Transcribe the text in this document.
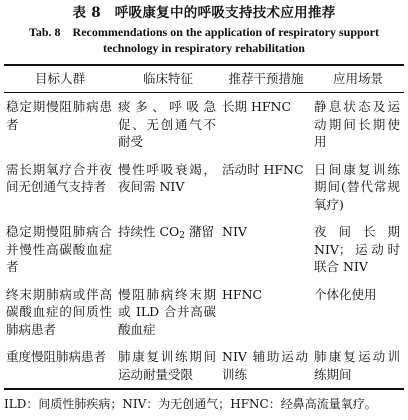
表 8　呼吸康复中的呼吸支持技术应用推荐
Tab. 8　Recommendations on the application of respiratory support technology in respiratory rehabilitation
目标人群	临床特征	推荐干预措施	应用场景
稳定期慢阻肺病患者	痰多、呼吸急促、无创通气不耐受	长期 HFNC	静息状态及运动期间长期使用
需长期氧疗合并夜间无创通气支持者	慢性呼吸衰竭，夜间需 NIV	活动时 HFNC	日间康复训练期间(替代常规氧疗)
稳定期慢阻肺病合并慢性高碳酸血症者	持续性 $CO_2$ 潴留	NIV	夜间长期 NIV；运动时联合 NIV
终末期肺病或伴高碳酸血症的间质性肺病患者	慢阻肺病终末期或 ILD 合并高碳酸血症	HFNC	个体化使用
重度慢阻肺病患者	肺康复训练期间运动耐量受限	NIV 辅助运动训练	肺康复运动训练期间
ILD：间质性肺疾病；NIV：为无创通气；HFNC：经鼻高流量氧疗。
